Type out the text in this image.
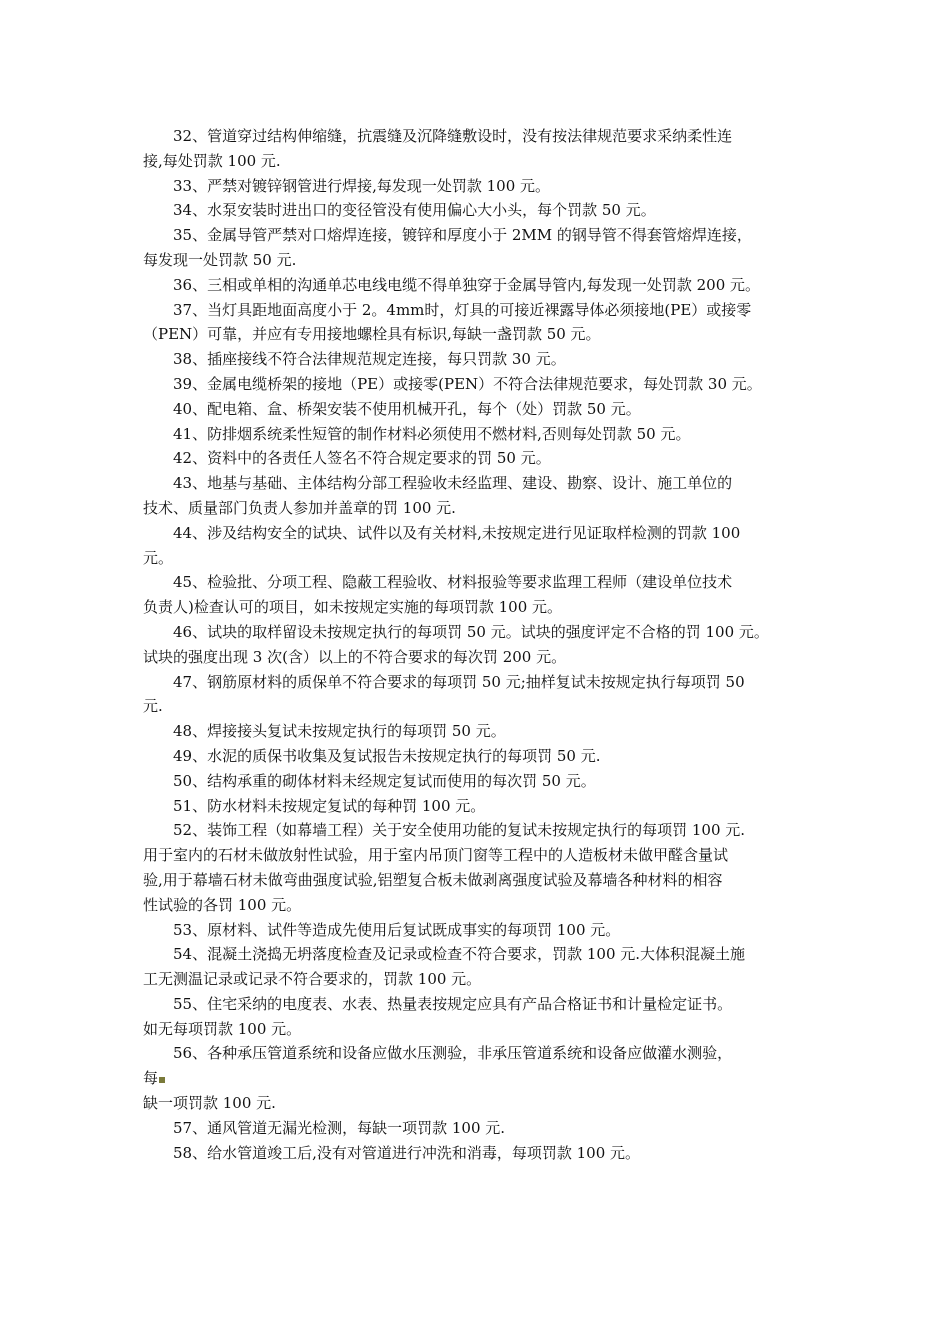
32、管道穿过结构伸缩缝，抗震缝及沉降缝敷设时，没有按法律规范要求采纳柔性连
接,每处罚款 100 元.
33、严禁对镀锌钢管进行焊接,每发现一处罚款 100 元。
34、水泵安装时进出口的变径管没有使用偏心大小头，每个罚款 50 元。
35、金属导管严禁对口熔焊连接，镀锌和厚度小于 2MM 的钢导管不得套管熔焊连接，
每发现一处罚款 50 元.
36、三相或单相的沟通单芯电线电缆不得单独穿于金属导管内,每发现一处罚款 200 元。
37、当灯具距地面高度小于 2。4mm时，灯具的可接近裸露导体必须接地(PE）或接零
（PEN）可靠，并应有专用接地螺栓具有标识,每缺一盏罚款 50 元。
38、插座接线不符合法律规范规定连接，每只罚款 30 元。
39、金属电缆桥架的接地（PE）或接零(PEN）不符合法律规范要求，每处罚款 30 元。
40、配电箱、盒、桥架安装不使用机械开孔，每个（处）罚款 50 元。
41、防排烟系统柔性短管的制作材料必须使用不燃材料,否则每处罚款 50 元。
42、资料中的各责任人签名不符合规定要求的罚 50 元。
43、地基与基础、主体结构分部工程验收未经监理、建设、勘察、设计、施工单位的
技术、质量部门负责人参加并盖章的罚 100 元.
44、涉及结构安全的试块、试件以及有关材料,未按规定进行见证取样检测的罚款 100
元。
45、检验批、分项工程、隐蔽工程验收、材料报验等要求监理工程师（建设单位技术
负责人)检查认可的项目，如未按规定实施的每项罚款 100 元。
46、试块的取样留设未按规定执行的每项罚 50 元。试块的强度评定不合格的罚 100 元。
试块的强度出现 3 次(含）以上的不符合要求的每次罚 200 元。
47、钢筋原材料的质保单不符合要求的每项罚 50 元;抽样复试未按规定执行每项罚 50
元.
48、焊接接头复试未按规定执行的每项罚 50 元。
49、水泥的质保书收集及复试报告未按规定执行的每项罚 50 元.
50、结构承重的砌体材料未经规定复试而使用的每次罚 50 元。
51、防水材料未按规定复试的每种罚 100 元。
52、装饰工程（如幕墙工程）关于安全使用功能的复试未按规定执行的每项罚 100 元.
用于室内的石材未做放射性试验，用于室内吊顶门窗等工程中的人造板材未做甲醛含量试
验,用于幕墙石材未做弯曲强度试验,铝塑复合板未做剥离强度试验及幕墙各种材料的相容
性试验的各罚 100 元。
53、原材料、试件等造成先使用后复试既成事实的每项罚 100 元。
54、混凝土浇捣无坍落度检查及记录或检查不符合要求，罚款 100 元.大体积混凝土施
工无测温记录或记录不符合要求的，罚款 100 元。
55、住宅采纳的电度表、水表、热量表按规定应具有产品合格证书和计量检定证书。
如无每项罚款 100 元。
56、各种承压管道系统和设备应做水压测验，非承压管道系统和设备应做灌水测验，
每
缺一项罚款 100 元.
57、通风管道无漏光检测，每缺一项罚款 100 元.
58、给水管道竣工后,没有对管道进行冲洗和消毒，每项罚款 100 元。
